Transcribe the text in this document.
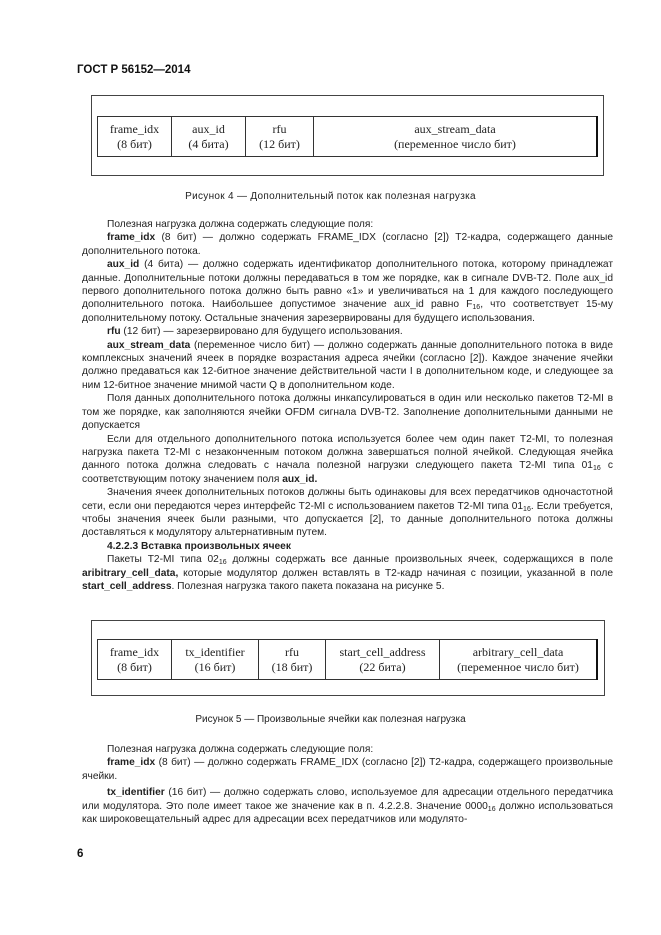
ГОСТ Р 56152—2014
frame_idx
(8 бит)	aux_id
(4 бита)	rfu
(12 бит)	aux_stream_data
(переменное число бит)
Рисунок 4 — Дополнительный поток как полезная нагрузка

Полезная нагрузка должна содержать следующие поля:

frame_idx (8 бит) — должно содержать FRAME_IDX (согласно [2]) T2-кадра, содержащего данные дополнительного потока.

aux_id (4 бита) — должно содержать идентификатор дополнительного потока, которому принадлежат данные. Дополнительные потоки должны передаваться в том же порядке, как в сигнале DVB-T2. Поле aux_id первого дополнительного потока должно быть равно «1» и увеличиваться на 1 для каждого последующего дополнительного потока. Наибольшее допустимое значение aux_id равно $F_{16}$, что соответствует 15-му дополнительному потоку. Остальные значения зарезервированы для будущего использования.

rfu (12 бит) — зарезервировано для будущего использования.

aux_stream_data (переменное число бит) — должно содержать данные дополнительного потока в виде комплексных значений ячеек в порядке возрастания адреса ячейки (согласно [2]). Каждое значение ячейки должно предаваться как 12-битное значение действительной части I в дополнительном коде, и следующее за ним 12-битное значение мнимой части Q в дополнительном коде.

Поля данных дополнительного потока должны инкапсулироваться в один или несколько пакетов T2-MI в том же порядке, как заполняются ячейки OFDM сигнала DVB-T2. Заполнение дополнительными данными не допускается

Если для отдельного дополнительного потока используется более чем один пакет T2-MI, то полезная нагрузка пакета T2-MI с незаконченным потоком должна завершаться полной ячейкой. Следующая ячейка данного потока должна следовать с начала полезной нагрузки следующего пакета T2-MI типа $01_{16}$ с соответствующим потоку значением поля aux_id.

Значения ячеек дополнительных потоков должны быть одинаковы для всех передатчиков одночастотной сети, если они передаются через интерфейс T2-MI с использованием пакетов T2-MI типа $01_{16}$. Если требуется, чтобы значения ячеек были разными, что допускается [2], то данные дополнительного потока должны доставляться к модулятору альтернативным путем.

4.2.2.3 Вставка произвольных ячеек

Пакеты T2-MI типа $02_{16}$ должны содержать все данные произвольных ячеек, содержащихся в поле aribitrary_cell_data, которые модулятор должен вставлять в T2-кадр начиная с позиции, указанной в поле start_cell_address. Полезная нагрузка такого пакета показана на рисунке 5.

frame_idx
(8 бит)	tx_identifier
(16 бит)	rfu
(18 бит)	start_cell_address
(22 бита)	arbitrary_cell_data
(переменное число бит)
Рисунок 5 — Произвольные ячейки как полезная нагрузка

Полезная нагрузка должна содержать следующие поля:

frame_idx (8 бит) — должно содержать FRAME_IDX (согласно [2]) T2-кадра, содержащего произвольные ячейки.

tx_identifier (16 бит) — должно содержать слово, используемое для адресации отдельного передатчика или модулятора. Это поле имеет такое же значение как в п. 4.2.2.8. Значение $0000_{16}$ должно использоваться как широковещательный адрес для адресации всех передатчиков или модулято-

6
